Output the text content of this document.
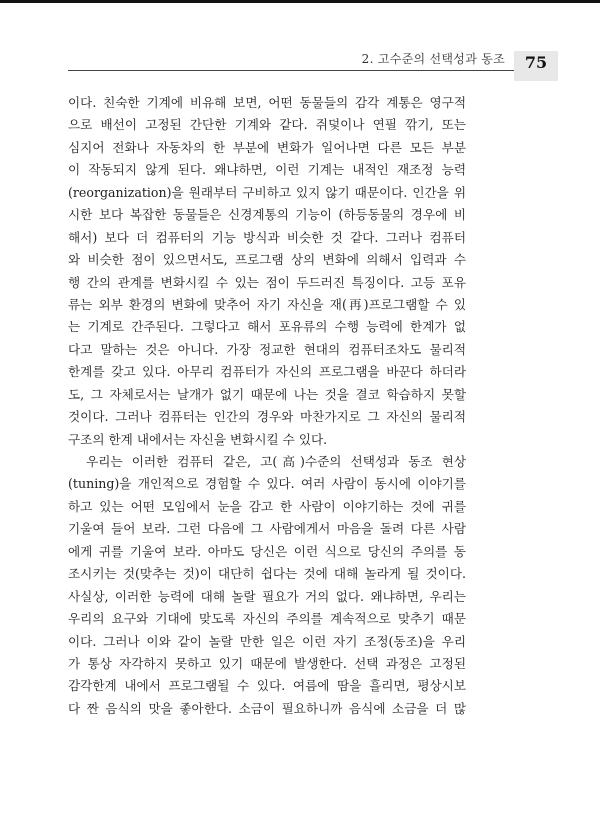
2. 고수준의 선택성과 동조	75
이다. 친숙한 기계에 비유해 보면, 어떤 동물들의 감각 계통은 영구적
으로 배선이 고정된 간단한 기계와 같다. 쥐덫이나 연필 깎기, 또는
심지어 전화나 자동차의 한 부분에 변화가 일어나면 다른 모든 부분
이 작동되지 않게 된다. 왜냐하면, 이런 기계는 내적인 재조정 능력
(reorganization)을 원래부터 구비하고 있지 않기 때문이다. 인간을 위
시한 보다 복잡한 동물들은 신경계통의 기능이 (하등동물의 경우에 비
해서) 보다 더 컴퓨터의 기능 방식과 비슷한 것 같다. 그러나 컴퓨터
와 비슷한 점이 있으면서도, 프로그램 상의 변화에 의해서 입력과 수
행 간의 관계를 변화시킬 수 있는 점이 두드러진 특징이다. 고등 포유
류는 외부 환경의 변화에 맞추어 자기 자신을 재(再)프로그램할 수 있
는 기계로 간주된다. 그렇다고 해서 포유류의 수행 능력에 한계가 없
다고 말하는 것은 아니다. 가장 정교한 현대의 컴퓨터조차도 물리적
한계를 갖고 있다. 아무리 컴퓨터가 자신의 프로그램을 바꾼다 하더라
도, 그 자체로서는 날개가 없기 때문에 나는 것을 결코 학습하지 못할
것이다. 그러나 컴퓨터는 인간의 경우와 마찬가지로 그 자신의 물리적
구조의 한계 내에서는 자신을 변화시킬 수 있다.
우리는 이러한 컴퓨터 같은, 고(高)수준의 선택성과 동조 현상
(tuning)을 개인적으로 경험할 수 있다. 여러 사람이 동시에 이야기를
하고 있는 어떤 모임에서 눈을 감고 한 사람이 이야기하는 것에 귀를
기울여 들어 보라. 그런 다음에 그 사람에게서 마음을 돌려 다른 사람
에게 귀를 기울여 보라. 아마도 당신은 이런 식으로 당신의 주의를 동
조시키는 것(맞추는 것)이 대단히 쉽다는 것에 대해 놀라게 될 것이다.
사실상, 이러한 능력에 대해 놀랄 필요가 거의 없다. 왜냐하면, 우리는
우리의 요구와 기대에 맞도록 자신의 주의를 계속적으로 맞추기 때문
이다. 그러나 이와 같이 놀랄 만한 일은 이런 자기 조정(동조)을 우리
가 통상 자각하지 못하고 있기 때문에 발생한다. 선택 과정은 고정된
감각한계 내에서 프로그램될 수 있다. 여름에 땀을 흘리면, 평상시보
다 짠 음식의 맛을 좋아한다. 소금이 필요하니까 음식에 소금을 더 많
